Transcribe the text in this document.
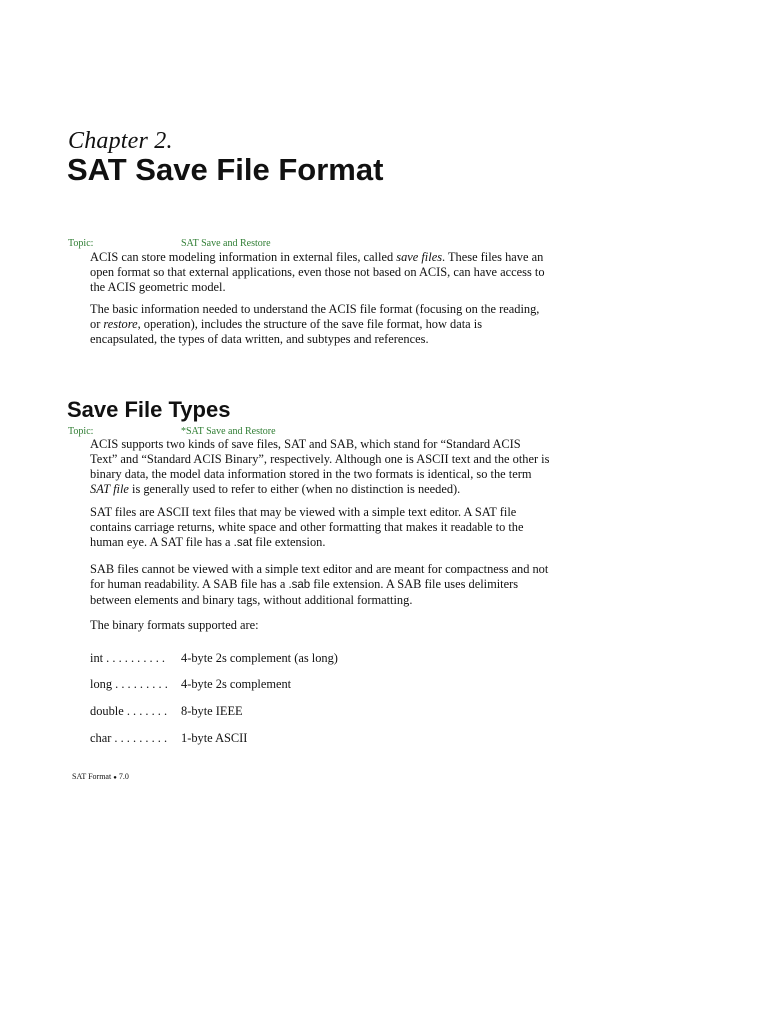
Chapter 2.
SAT Save File Format
Topic:	SAT Save and Restore

ACIS can store modeling information in external files, called save files. These files have an open format so that external applications, even those not based on ACIS, can have access to the ACIS geometric model.

The basic information needed to understand the ACIS file format (focusing on the reading, or restore, operation), includes the structure of the save file format, how data is encapsulated, the types of data written, and subtypes and references.

Save File Types
Topic:	*SAT Save and Restore

ACIS supports two kinds of save files, SAT and SAB, which stand for “Standard ACIS Text” and “Standard ACIS Binary”, respectively. Although one is ASCII text and the other is binary data, the model data information stored in the two formats is identical, so the term SAT file is generally used to refer to either (when no distinction is needed).

SAT files are ASCII text files that may be viewed with a simple text editor. A SAT file contains carriage returns, white space and other formatting that makes it readable to the human eye. A SAT file has a .sat file extension.

SAB files cannot be viewed with a simple text editor and are meant for compactness and not for human readability. A SAB file has a .sab file extension. A SAB file uses delimiters between elements and binary tags, without additional formatting.

The binary formats supported are:

int . . . . . . . . . .	4-byte 2s complement (as long)
long . . . . . . . . .	4-byte 2s complement
double . . . . . . .	8-byte IEEE
char . . . . . . . . .	1-byte ASCII
SAT Format ● 7.0
